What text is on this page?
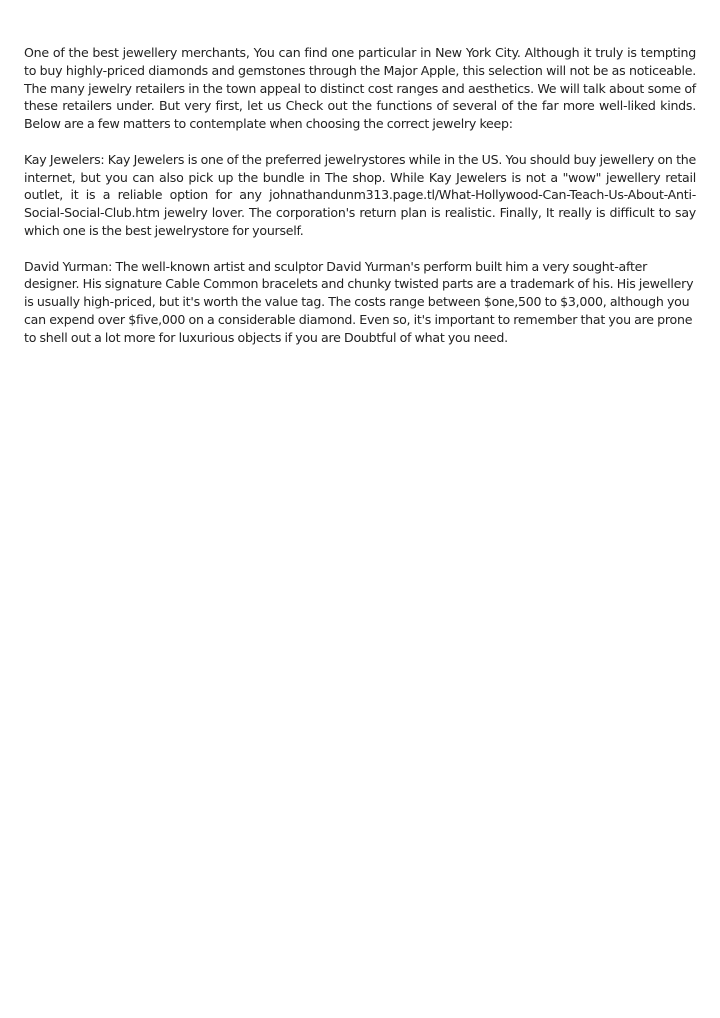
One of the best jewellery merchants, You can find one particular in New York City. Although it truly is tempting to buy highly-priced diamonds and gemstones through the Major Apple, this selection will not be as noticeable. The many jewelry retailers in the town appeal to distinct cost ranges and aesthetics. We will talk about some of these retailers under. But very first, let us Check out the functions of several of the far more well-liked kinds. Below are a few matters to contemplate when choosing the correct jewelry keep:

Kay Jewelers: Kay Jewelers is one of the preferred jewelrystores while in the US. You should buy jewellery on the internet, but you can also pick up the bundle in The shop. While Kay Jewelers is not a "wow" jewellery retail outlet, it is a reliable option for any johnathandunm313.page.tl/What-Hollywood-Can-Teach-Us-About-Anti-Social-Social-Club.htm jewelry lover. The corporation's return plan is realistic. Finally, It really is difficult to say which one is the best jewelrystore for yourself.

David Yurman: The well-known artist and sculptor David Yurman's perform built him a very sought-after designer. His signature Cable Common bracelets and chunky twisted parts are a trademark of his. His jewellery is usually high-priced, but it's worth the value tag. The costs range between $one,500 to $3,000, although you can expend over $five,000 on a considerable diamond. Even so, it's important to remember that you are prone to shell out a lot more for luxurious objects if you are Doubtful of what you need.
